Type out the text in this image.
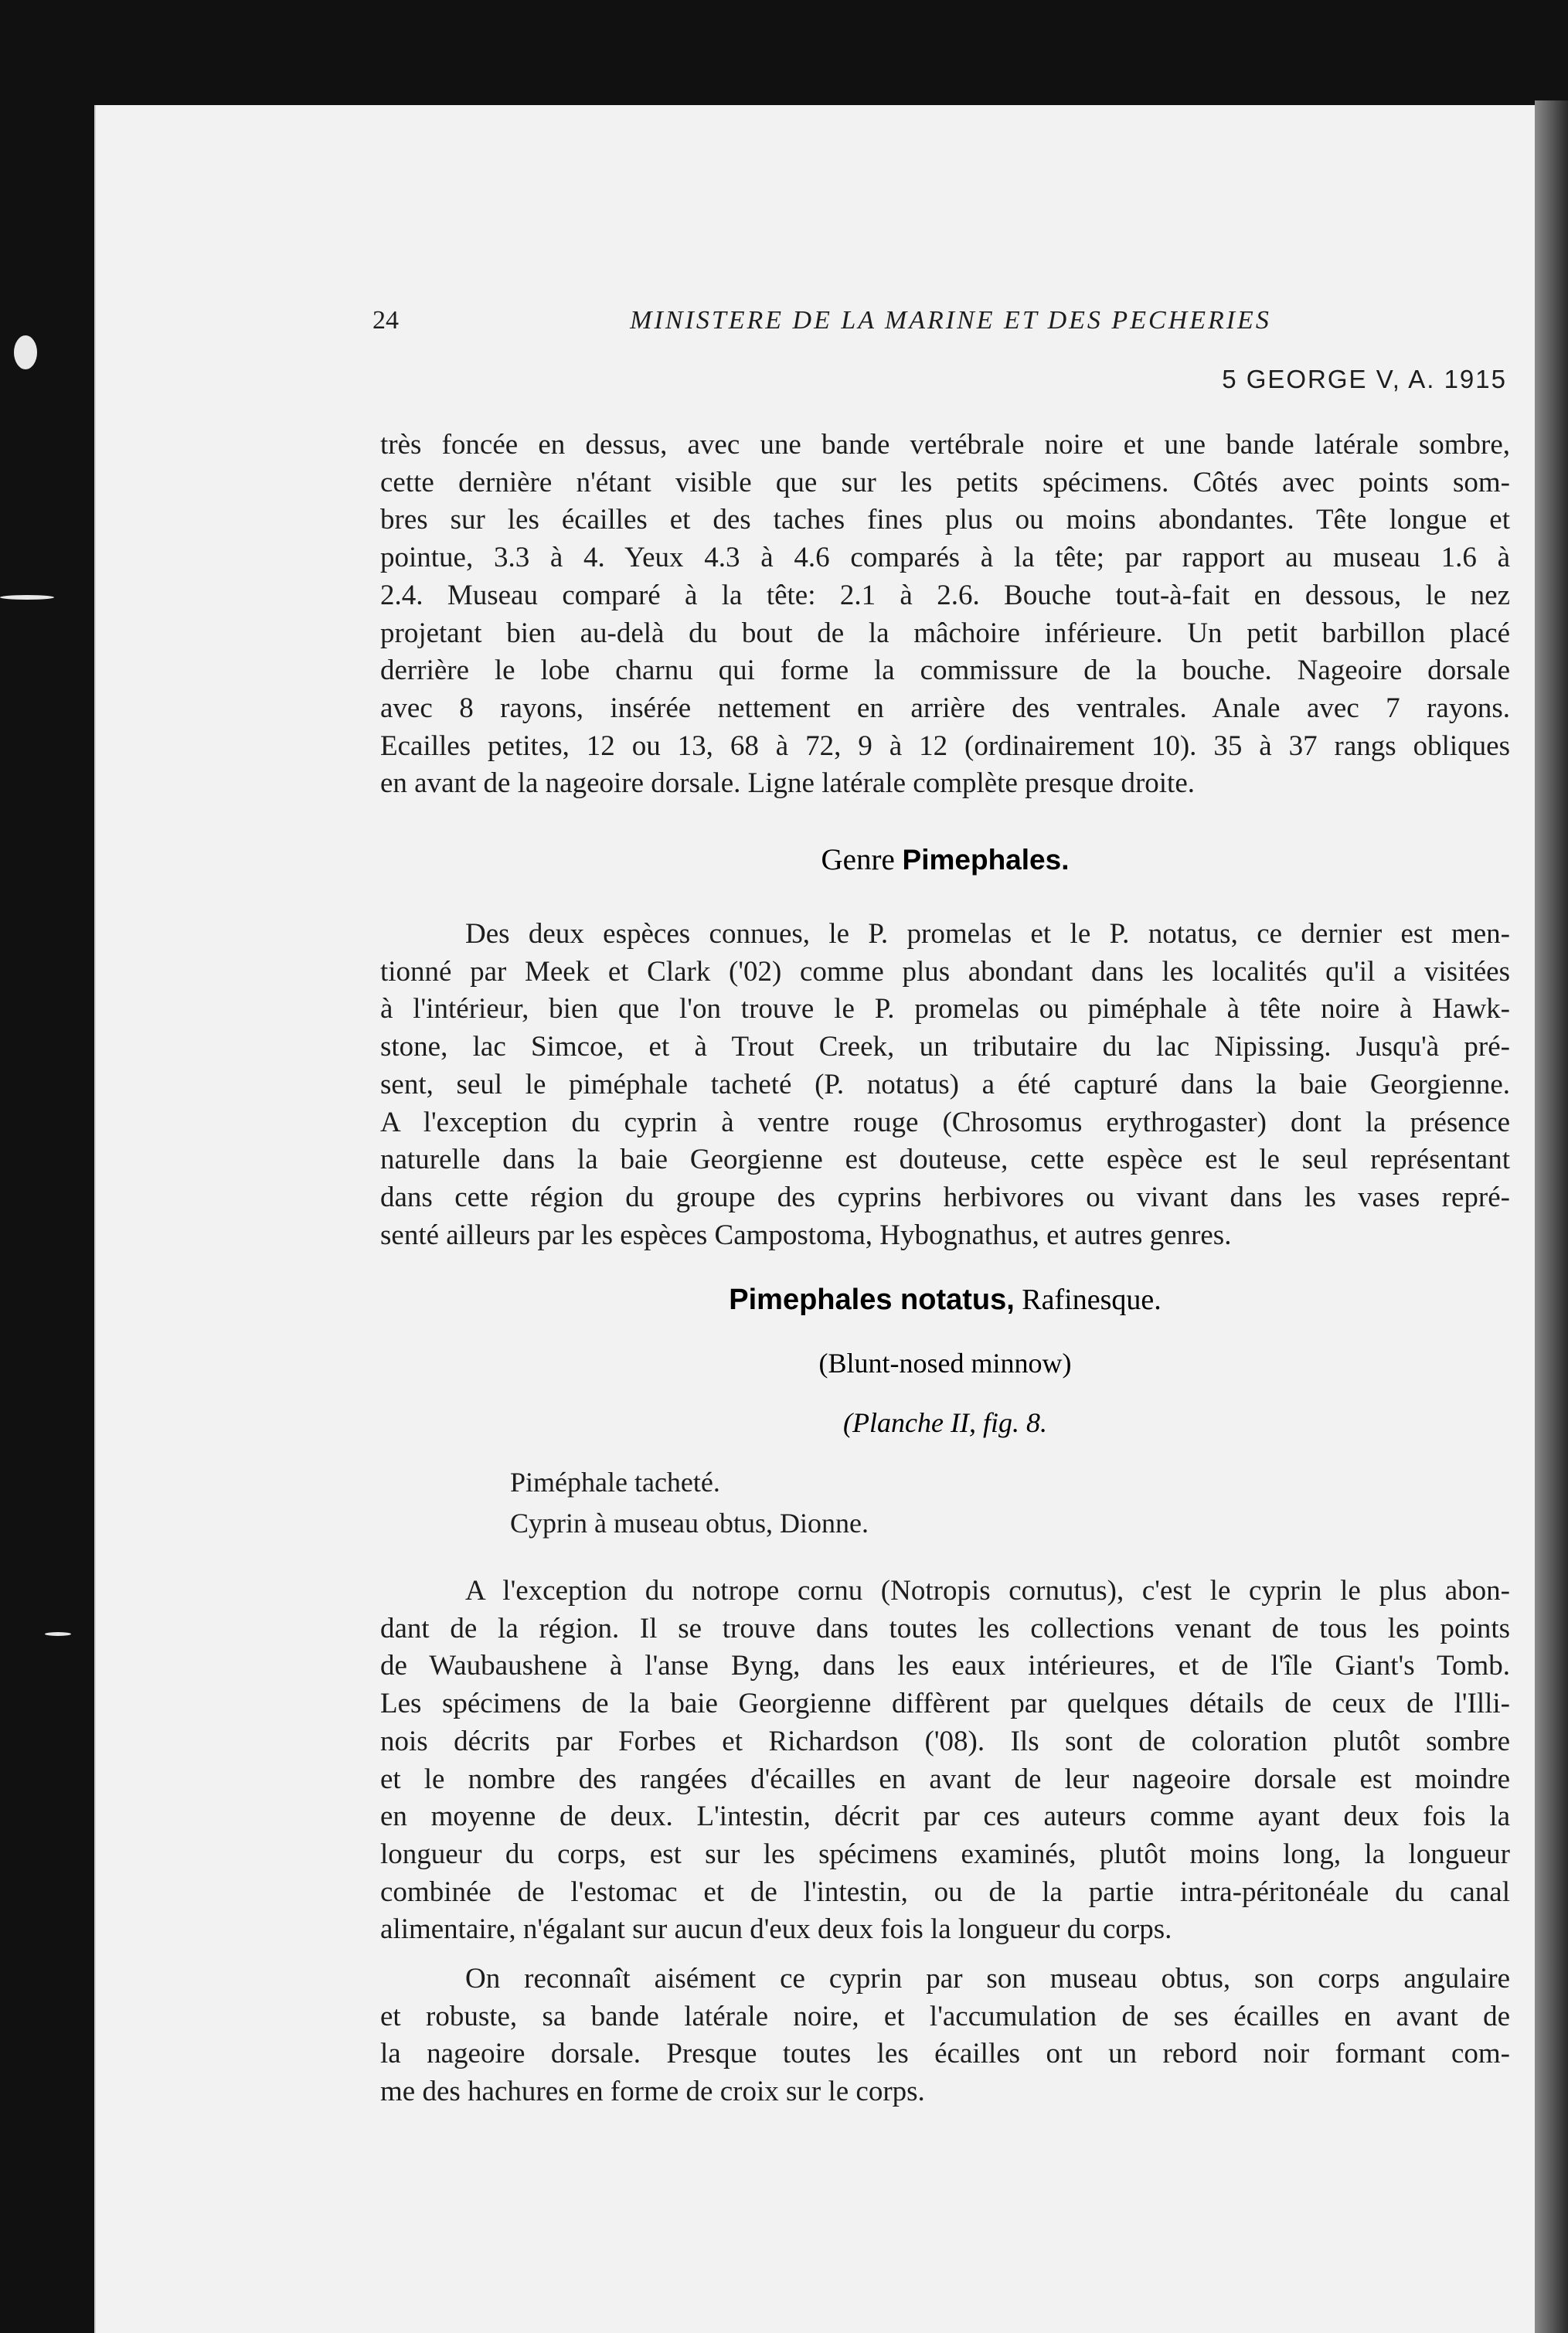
24	MINISTERE DE LA MARINE ET DES PECHERIES
5 GEORGE V, A. 1915
très foncée en dessus, avec une bande vertébrale noire et une bande latérale sombre,
cette dernière n'étant visible que sur les petits spécimens. Côtés avec points som-
bres sur les écailles et des taches fines plus ou moins abondantes. Tête longue et
pointue, 3.3 à 4. Yeux 4.3 à 4.6 comparés à la tête; par rapport au museau 1.6 à
2.4. Museau comparé à la tête: 2.1 à 2.6. Bouche tout-à-fait en dessous, le nez
projetant bien au-delà du bout de la mâchoire inférieure. Un petit barbillon placé
derrière le lobe charnu qui forme la commissure de la bouche. Nageoire dorsale
avec 8 rayons, insérée nettement en arrière des ventrales. Anale avec 7 rayons.
Ecailles petites, 12 ou 13, 68 à 72, 9 à 12 (ordinairement 10). 35 à 37 rangs obliques
en avant de la nageoire dorsale. Ligne latérale complète presque droite.
Genre Pimephales.
Des deux espèces connues, le P. promelas et le P. notatus, ce dernier est men-
tionné par Meek et Clark ('02) comme plus abondant dans les localités qu'il a visitées
à l'intérieur, bien que l'on trouve le P. promelas ou piméphale à tête noire à Hawk-
stone, lac Simcoe, et à Trout Creek, un tributaire du lac Nipissing. Jusqu'à pré-
sent, seul le piméphale tacheté (P. notatus) a été capturé dans la baie Georgienne.
A l'exception du cyprin à ventre rouge (Chrosomus erythrogaster) dont la présence
naturelle dans la baie Georgienne est douteuse, cette espèce est le seul représentant
dans cette région du groupe des cyprins herbivores ou vivant dans les vases repré-
senté ailleurs par les espèces Campostoma, Hybognathus, et autres genres.
Pimephales notatus, Rafinesque.
(Blunt-nosed minnow)
(Planche II, fig. 8.
Piméphale tacheté.
Cyprin à museau obtus, Dionne.
A l'exception du notrope cornu (Notropis cornutus), c'est le cyprin le plus abon-
dant de la région. Il se trouve dans toutes les collections venant de tous les points
de Waubaushene à l'anse Byng, dans les eaux intérieures, et de l'île Giant's Tomb.
Les spécimens de la baie Georgienne diffèrent par quelques détails de ceux de l'Illi-
nois décrits par Forbes et Richardson ('08). Ils sont de coloration plutôt sombre
et le nombre des rangées d'écailles en avant de leur nageoire dorsale est moindre
en moyenne de deux. L'intestin, décrit par ces auteurs comme ayant deux fois la
longueur du corps, est sur les spécimens examinés, plutôt moins long, la longueur
combinée de l'estomac et de l'intestin, ou de la partie intra-péritonéale du canal
alimentaire, n'égalant sur aucun d'eux deux fois la longueur du corps.
On reconnaît aisément ce cyprin par son museau obtus, son corps angulaire
et robuste, sa bande latérale noire, et l'accumulation de ses écailles en avant de
la nageoire dorsale. Presque toutes les écailles ont un rebord noir formant com-
me des hachures en forme de croix sur le corps.
